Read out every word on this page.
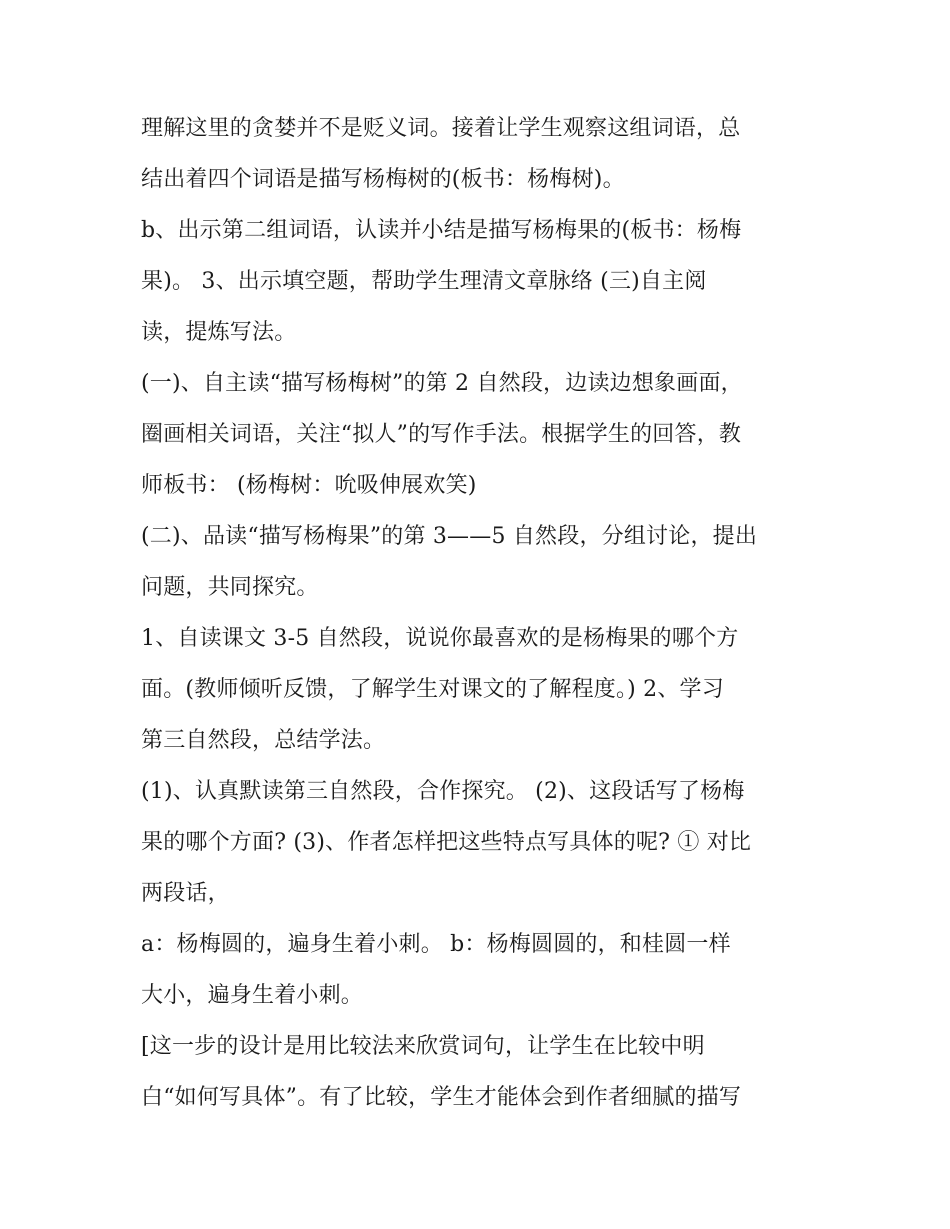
理解这里的贪婪并不是贬义词。接着让学生观察这组词语，总
结出着四个词语是描写杨梅树的(板书：杨梅树)。
b、出示第二组词语，认读并小结是描写杨梅果的(板书：杨梅
果)。 3、出示填空题，帮助学生理清文章脉络 (三)自主阅
读，提炼写法。
(一)、自主读“描写杨梅树”的第 2 自然段，边读边想象画面，
圈画相关词语，关注“拟人”的写作手法。根据学生的回答，教
师板书： (杨梅树：吮吸伸展欢笑)
(二)、品读“描写杨梅果”的第 3——5 自然段，分组讨论，提出
问题，共同探究。
1、自读课文 3-5 自然段，说说你最喜欢的是杨梅果的哪个方
面。(教师倾听反馈，了解学生对课文的了解程度。) 2、学习
第三自然段，总结学法。
(1)、认真默读第三自然段，合作探究。 (2)、这段话写了杨梅
果的哪个方面? (3)、作者怎样把这些特点写具体的呢? ① 对比
两段话，
a：杨梅圆的，遍身生着小刺。 b：杨梅圆圆的，和桂圆一样
大小，遍身生着小刺。
[这一步的设计是用比较法来欣赏词句，让学生在比较中明
白“如何写具体”。有了比较，学生才能体会到作者细腻的描写
